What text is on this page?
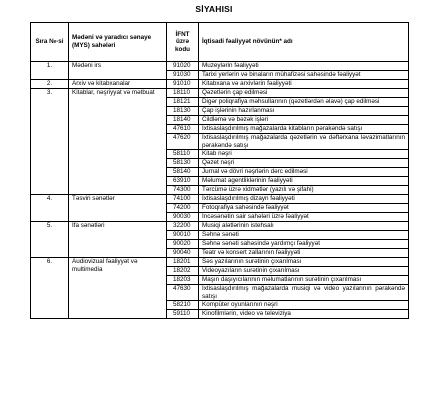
SİYAHISI
Sıra №-si	Mədəni və yaradıcı sənaye (MYS) sahələri	İFNT üzrə kodu	İqtisadi fəaliyyət növünün* adı
1.	Mədəni irs	91020	Muzeylərin fəaliyyəti
		91030	Tarixi yerlərin və binaların mühafizəsi sahəsində fəaliyyət
2.	Arxiv və kitabxanalar	91010	Kitabxana və arxivlərin fəaliyyəti
3.	Kitablar, nəşriyyat və mətbuat	18110	Qəzetlərin çap edilməsi
		18121	Digər poliqrafiya məhsullarının (qəzetlərdən əlavə) çap edilməsi
		18130	Çap işlərinin hazırlanması
		18140	Cildləmə və bəzək işləri
		47610	İxtisaslaşdırılmış mağazalarda kitabların pərakəndə satışı
		47620	İxtisaslaşdırılmış mağazalarda qəzetlərin və dəftərxana ləvazimatlarının pərakəndə satışı
		58110	Kitab nəşri
		58130	Qəzet nəşri
		58140	Jurnal və dövri nəşrlərin dərc edilməsi
		63910	Məlumat agentliklərinin fəaliyyəti
		74300	Tərcümə üzrə xidmətlər (yazılı və şifahi)
4.	Təsviri sənətlər	74100	İxtisaslaşdırılmış dizayn fəaliyyəti
		74200	Fotoqrafiya sahəsində fəaliyyət
		90030	İncəsənətin sair sahələri üzrə fəaliyyət
5.	İfa sənətləri	32200	Musiqi alətlərinin istehsalı
		90010	Səhnə sənəti
		90020	Səhnə sənəti sahəsində yardımçı fəaliyyət
		90040	Teatr və konsert zallarının fəaliyyəti
6.	Audiovizual fəaliyyət və multimedia	18201	Səs yazılarının surətinin çıxarılması
		18202	Videoyazıların surətinin çıxarılması
		18203	Maşın daşıyıcılarının məlumatlarının surətinin çıxarılması
		47630	İxtisaslaşdırılmış mağazalarda musiqi və video yazılarının pərakəndə satışı
		58210	Kompüter oyunlarının nəşri
		59110	Kinofilmlərin, video və televiziya
